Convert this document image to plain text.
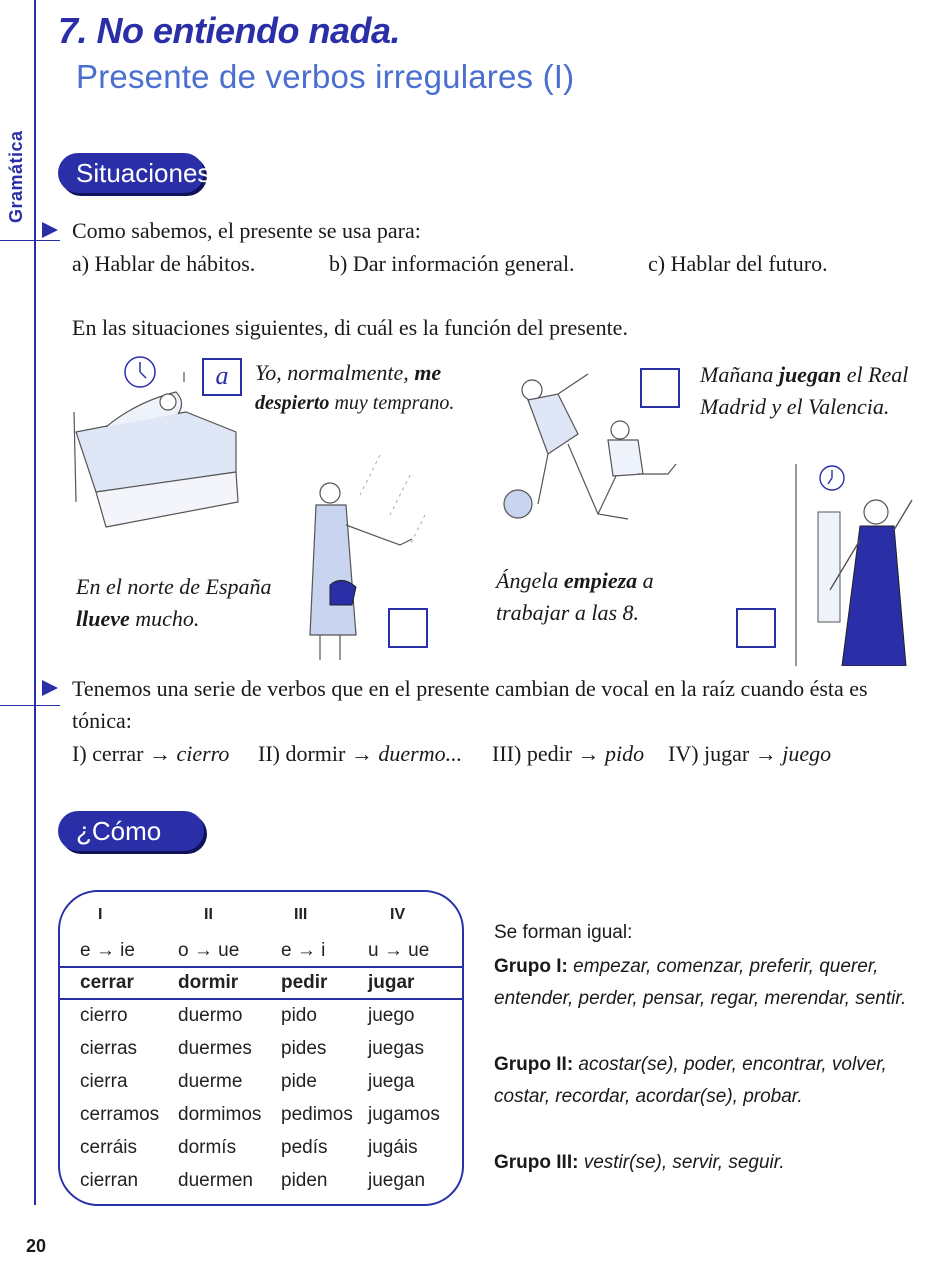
Gramática
7. No entiendo nada.
Presente de verbos irregulares (I)
Situaciones
Como sabemos, el presente se usa para:
a) Hablar de hábitos.	b) Dar información general.	c) Hablar del futuro.
En las situaciones siguientes, di cuál es la función del presente.
a	Yo, normalmente, me
despierto muy temprano.
Mañana juegan el Real
Madrid y el Valencia.
En el norte de España
llueve mucho.
Ángela empieza a
trabajar a las 8.
Tenemos una serie de verbos que en el presente cambian de vocal en la raíz cuando ésta es
tónica:
I) cerrar → cierro II) dormir → duermo... III) pedir → pido IV) jugar → juego
¿Cómo es?
I	II	III	IV
e → ie o → ue e → i u → ue
cerrar dormir pedir jugar
cierro	duermo pido	juego
cierras duermes pides juegas
cierra	duerme pide	juega
cerramos dormimos pedimos jugamos
cerráis dormís pedís jugáis
cierran duermen piden juegan
Se forman igual:
Grupo I: empezar, comenzar, preferir, querer,
entender, perder, pensar, regar, merendar, sentir.
Grupo II: acostar(se), poder, encontrar, volver,
costar, recordar, acordar(se), probar.
Grupo III: vestir(se), servir, seguir.
20
